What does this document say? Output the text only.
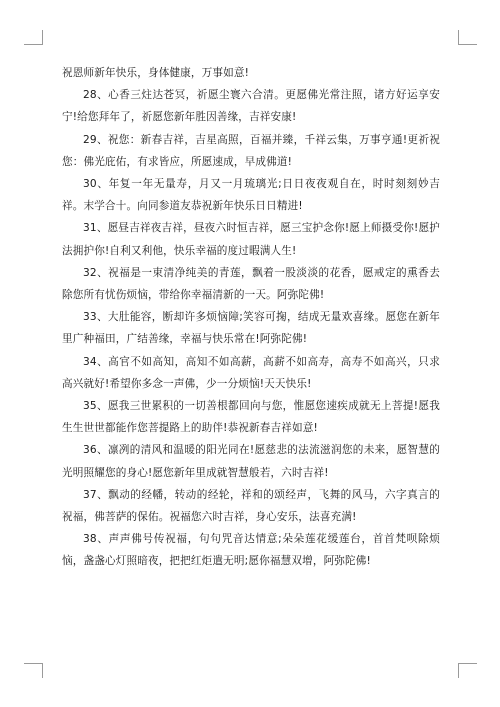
祝恩师新年快乐，身体健康，万事如意!

28、心香三炷达苍冥，祈愿尘寰六合清。更愿佛光常注照，诸方好运享安宁!给您拜年了，祈愿您新年胜因善缘，吉祥安康!

29、祝您：新春吉祥，吉星高照，百福并臻，千祥云集，万事亨通!更祈祝您：佛光庇佑，有求皆应，所愿速成，早成佛道!

30、年复一年无量寿，月又一月琉璃光;日日夜夜观自在，时时刻刻妙吉祥。末学合十。向同参道友恭祝新年快乐日日精进!

31、愿昼吉祥夜吉祥，昼夜六时恒吉祥，愿三宝护念你!愿上师摄受你!愿护法拥护你!自利又利他，快乐幸福的度过暇满人生!

32、祝福是一束清净纯美的青莲，飘着一股淡淡的花香，愿戒定的熏香去除您所有忧伤烦恼，带给你幸福清新的一天。阿弥陀佛!

33、大肚能容，断却许多烦恼障;笑容可掬，结成无量欢喜缘。愿您在新年里广种福田，广结善缘，幸福与快乐常在!阿弥陀佛!

34、高官不如高知，高知不如高薪，高薪不如高寿，高寿不如高兴，只求高兴就好!希望你多念一声佛，少一分烦恼!天天快乐!

35、愿我三世累积的一切善根都回向与您，惟愿您速疾成就无上菩提!愿我生生世世都能作您菩提路上的助伴!恭祝新春吉祥如意!

36、凛冽的清风和温暖的阳光同在!愿慈悲的法流滋润您的未来，愿智慧的光明照耀您的身心!愿您新年里成就智慧般若，六时吉祥!

37、飘动的经幡，转动的经轮，祥和的颂经声，飞舞的风马，六字真言的祝福，佛菩萨的保佑。祝福您六时吉祥，身心安乐，法喜充满!

38、声声佛号传祝福，句句咒音达情意;朵朵莲花缓莲台，首首梵呗除烦恼，盏盏心灯照暗夜，把把红炬遣无明;愿你福慧双增，阿弥陀佛!
